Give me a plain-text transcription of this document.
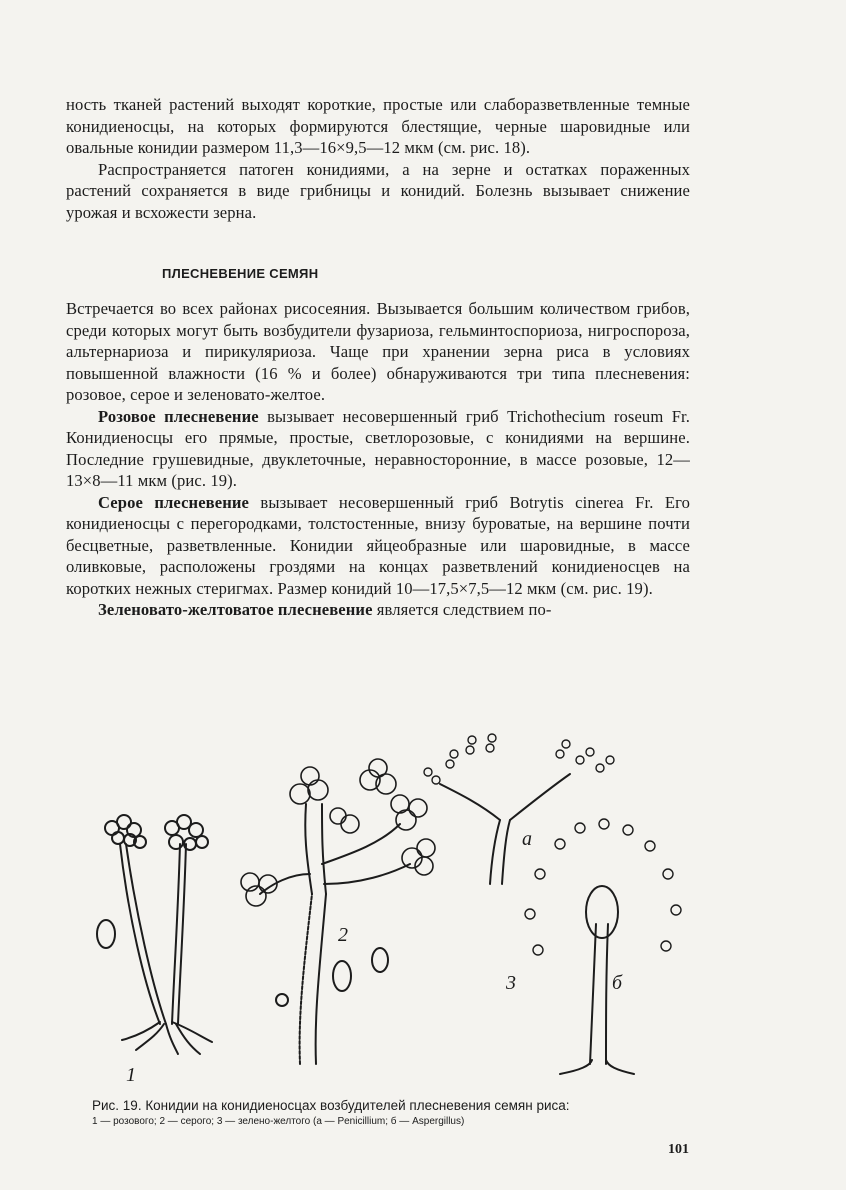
ность тканей растений выходят короткие, простые или слаборазветвленные темные конидиеносцы, на которых формируются блестящие, черные шаровидные или овальные конидии размером 11,3—16×9,5—12 мкм (см. рис. 18).

Распространяется патоген конидиями, а на зерне и остатках пораженных растений сохраняется в виде грибницы и конидий. Болезнь вызывает снижение урожая и всхожести зерна.

ПЛЕСНЕВЕНИЕ СЕМЯН

Встречается во всех районах рисосеяния. Вызывается большим количеством грибов, среди которых могут быть возбудители фузариоза, гельминтоспориоза, нигроспороза, альтернариоза и пирикуляриоза. Чаще при хранении зерна риса в условиях повышенной влажности (16 % и более) обнаруживаются три типа плесневения: розовое, серое и зеленовато-желтое.

Розовое плесневение вызывает несовершенный гриб Trichothecium roseum Fr. Конидиеносцы его прямые, простые, светлорозовые, с конидиями на вершине. Последние грушевидные, двуклеточные, неравносторонние, в массе розовые, 12—13×8—11 мкм (рис. 19).

Серое плесневение вызывает несовершенный гриб Botrytis cinerea Fr. Его конидиеносцы с перегородками, толстостенные, внизу буроватые, на вершине почти бесцветные, разветвленные. Конидии яйцеобразные или шаровидные, в массе оливковые, расположены гроздями на концах разветвлений конидиеносцев на коротких нежных стеригмах. Размер конидий 10—17,5×7,5—12 мкм (см. рис. 19).

Зеленовато-желтоватое плесневение является следствием по-

1
2
3
а
б
Рис. 19. Конидии на конидиеносцах возбудителей плесневения семян риса:
1 — розового; 2 — серого; 3 — зелено-желтого (а — Penicillium; б — Aspergillus)
101
